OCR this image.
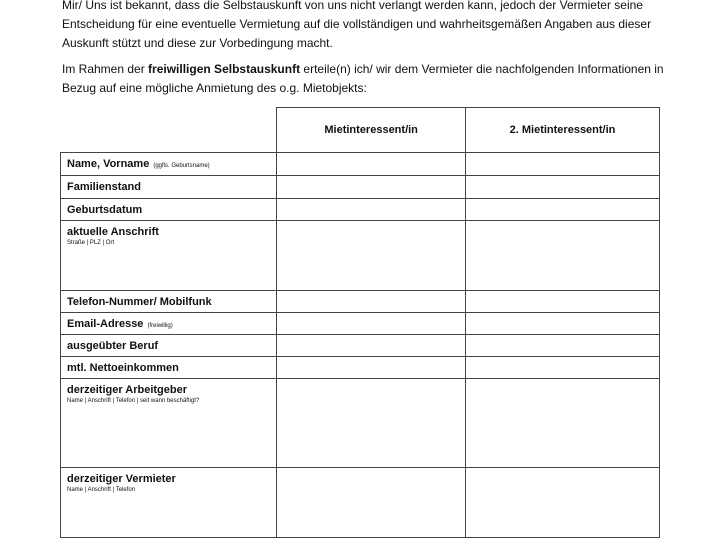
Mir/ Uns ist bekannt, dass die Selbstauskunft von uns nicht verlangt werden kann, jedoch der Vermieter seine Entscheidung für eine eventuelle Vermietung auf die vollständigen und wahrheitsgemäßen Angaben aus dieser Auskunft stützt und diese zur Vorbedingung macht.

Im Rahmen der freiwilligen Selbstauskunft erteile(n) ich/ wir dem Vermieter die nachfolgenden Informationen in Bezug auf eine mögliche Anmietung des o.g. Mietobjekts:

	Mietinteressent/in	2. Mietinteressent/in

Name, Vorname (ggfls. Geburtsname)		

Familienstand		

Geburtsdatum		

aktuelle Anschrift
Straße | PLZ | Ort		

Telefon-Nummer/ Mobilfunk		

Email-Adresse (freiwillig)		

ausgeübter Beruf		

mtl. Nettoeinkommen		

derzeitiger Arbeitgeber
Name | Anschrift | Telefon | seit wann beschäftigt?		

derzeitiger Vermieter
Name | Anschrift | Telefon		
